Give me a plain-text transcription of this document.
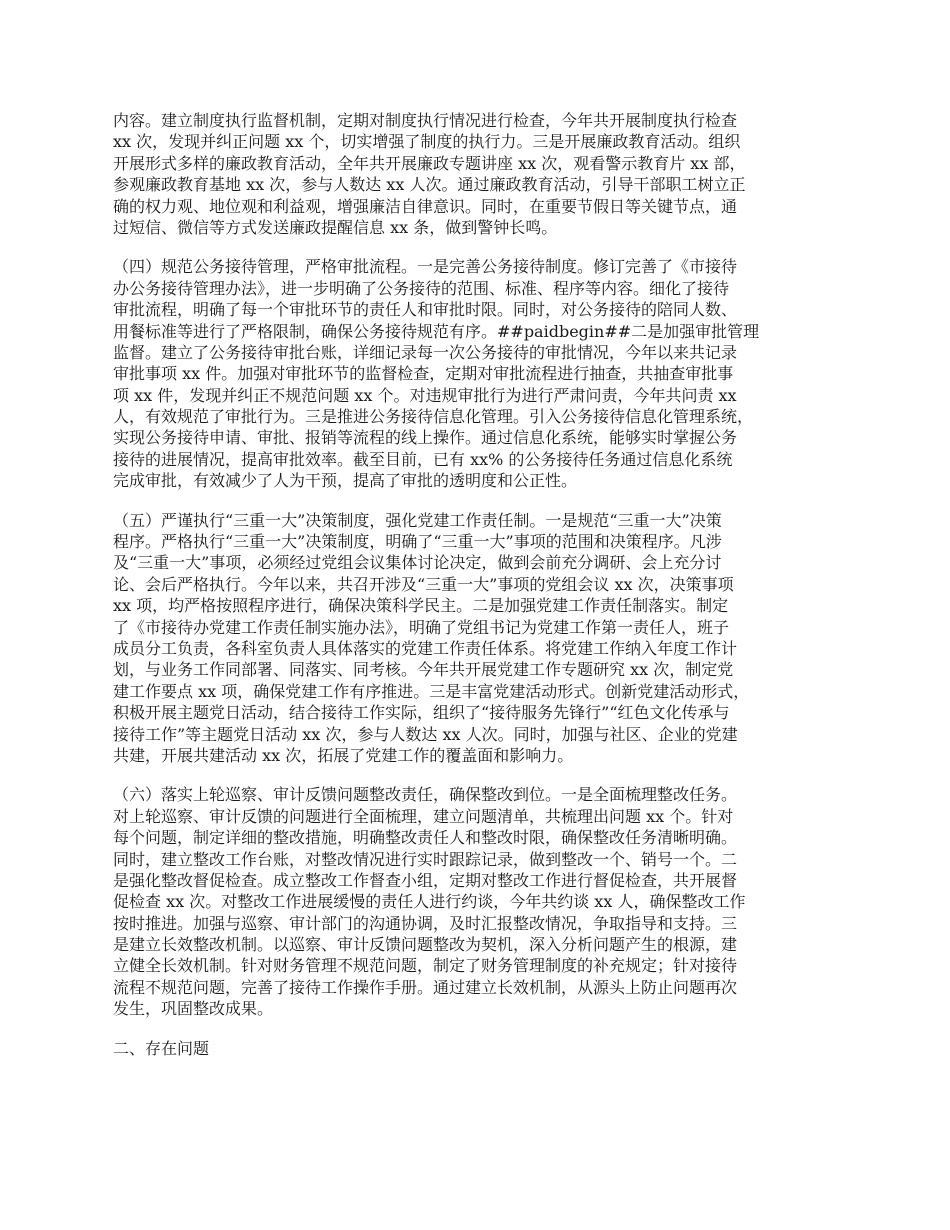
内容。建立制度执行监督机制，定期对制度执行情况进行检查，今年共开展制度执行检查
xx 次，发现并纠正问题 xx 个，切实增强了制度的执行力。三是开展廉政教育活动。组织
开展形式多样的廉政教育活动，全年共开展廉政专题讲座 xx 次，观看警示教育片 xx 部，
参观廉政教育基地 xx 次，参与人数达 xx 人次。通过廉政教育活动，引导干部职工树立正
确的权力观、地位观和利益观，增强廉洁自律意识。同时，在重要节假日等关键节点，通
过短信、微信等方式发送廉政提醒信息 xx 条，做到警钟长鸣。
（四）规范公务接待管理，严格审批流程。一是完善公务接待制度。修订完善了《市接待
办公务接待管理办法》，进一步明确了公务接待的范围、标准、程序等内容。细化了接待
审批流程，明确了每一个审批环节的责任人和审批时限。同时，对公务接待的陪同人数、
用餐标准等进行了严格限制，确保公务接待规范有序。##paidbegin##二是加强审批管理
监督。建立了公务接待审批台账，详细记录每一次公务接待的审批情况，今年以来共记录
审批事项 xx 件。加强对审批环节的监督检查，定期对审批流程进行抽查，共抽查审批事
项 xx 件，发现并纠正不规范问题 xx 个。对违规审批行为进行严肃问责，今年共问责 xx
人，有效规范了审批行为。三是推进公务接待信息化管理。引入公务接待信息化管理系统，
实现公务接待申请、审批、报销等流程的线上操作。通过信息化系统，能够实时掌握公务
接待的进展情况，提高审批效率。截至目前，已有 xx% 的公务接待任务通过信息化系统
完成审批，有效减少了人为干预，提高了审批的透明度和公正性。
（五）严谨执行“三重一大”决策制度，强化党建工作责任制。一是规范“三重一大”决策
程序。严格执行“三重一大”决策制度，明确了“三重一大”事项的范围和决策程序。凡涉
及“三重一大”事项，必须经过党组会议集体讨论决定，做到会前充分调研、会上充分讨
论、会后严格执行。今年以来，共召开涉及“三重一大”事项的党组会议 xx 次，决策事项
xx 项，均严格按照程序进行，确保决策科学民主。二是加强党建工作责任制落实。制定
了《市接待办党建工作责任制实施办法》，明确了党组书记为党建工作第一责任人，班子
成员分工负责，各科室负责人具体落实的党建工作责任体系。将党建工作纳入年度工作计
划，与业务工作同部署、同落实、同考核。今年共开展党建工作专题研究 xx 次，制定党
建工作要点 xx 项，确保党建工作有序推进。三是丰富党建活动形式。创新党建活动形式，
积极开展主题党日活动，结合接待工作实际，组织了“接待服务先锋行”“红色文化传承与
接待工作”等主题党日活动 xx 次，参与人数达 xx 人次。同时，加强与社区、企业的党建
共建，开展共建活动 xx 次，拓展了党建工作的覆盖面和影响力。
（六）落实上轮巡察、审计反馈问题整改责任，确保整改到位。一是全面梳理整改任务。
对上轮巡察、审计反馈的问题进行全面梳理，建立问题清单，共梳理出问题 xx 个。针对
每个问题，制定详细的整改措施，明确整改责任人和整改时限，确保整改任务清晰明确。
同时，建立整改工作台账，对整改情况进行实时跟踪记录，做到整改一个、销号一个。二
是强化整改督促检查。成立整改工作督查小组，定期对整改工作进行督促检查，共开展督
促检查 xx 次。对整改工作进展缓慢的责任人进行约谈，今年共约谈 xx 人，确保整改工作
按时推进。加强与巡察、审计部门的沟通协调，及时汇报整改情况，争取指导和支持。三
是建立长效整改机制。以巡察、审计反馈问题整改为契机，深入分析问题产生的根源，建
立健全长效机制。针对财务管理不规范问题，制定了财务管理制度的补充规定；针对接待
流程不规范问题，完善了接待工作操作手册。通过建立长效机制，从源头上防止问题再次
发生，巩固整改成果。
二、存在问题
